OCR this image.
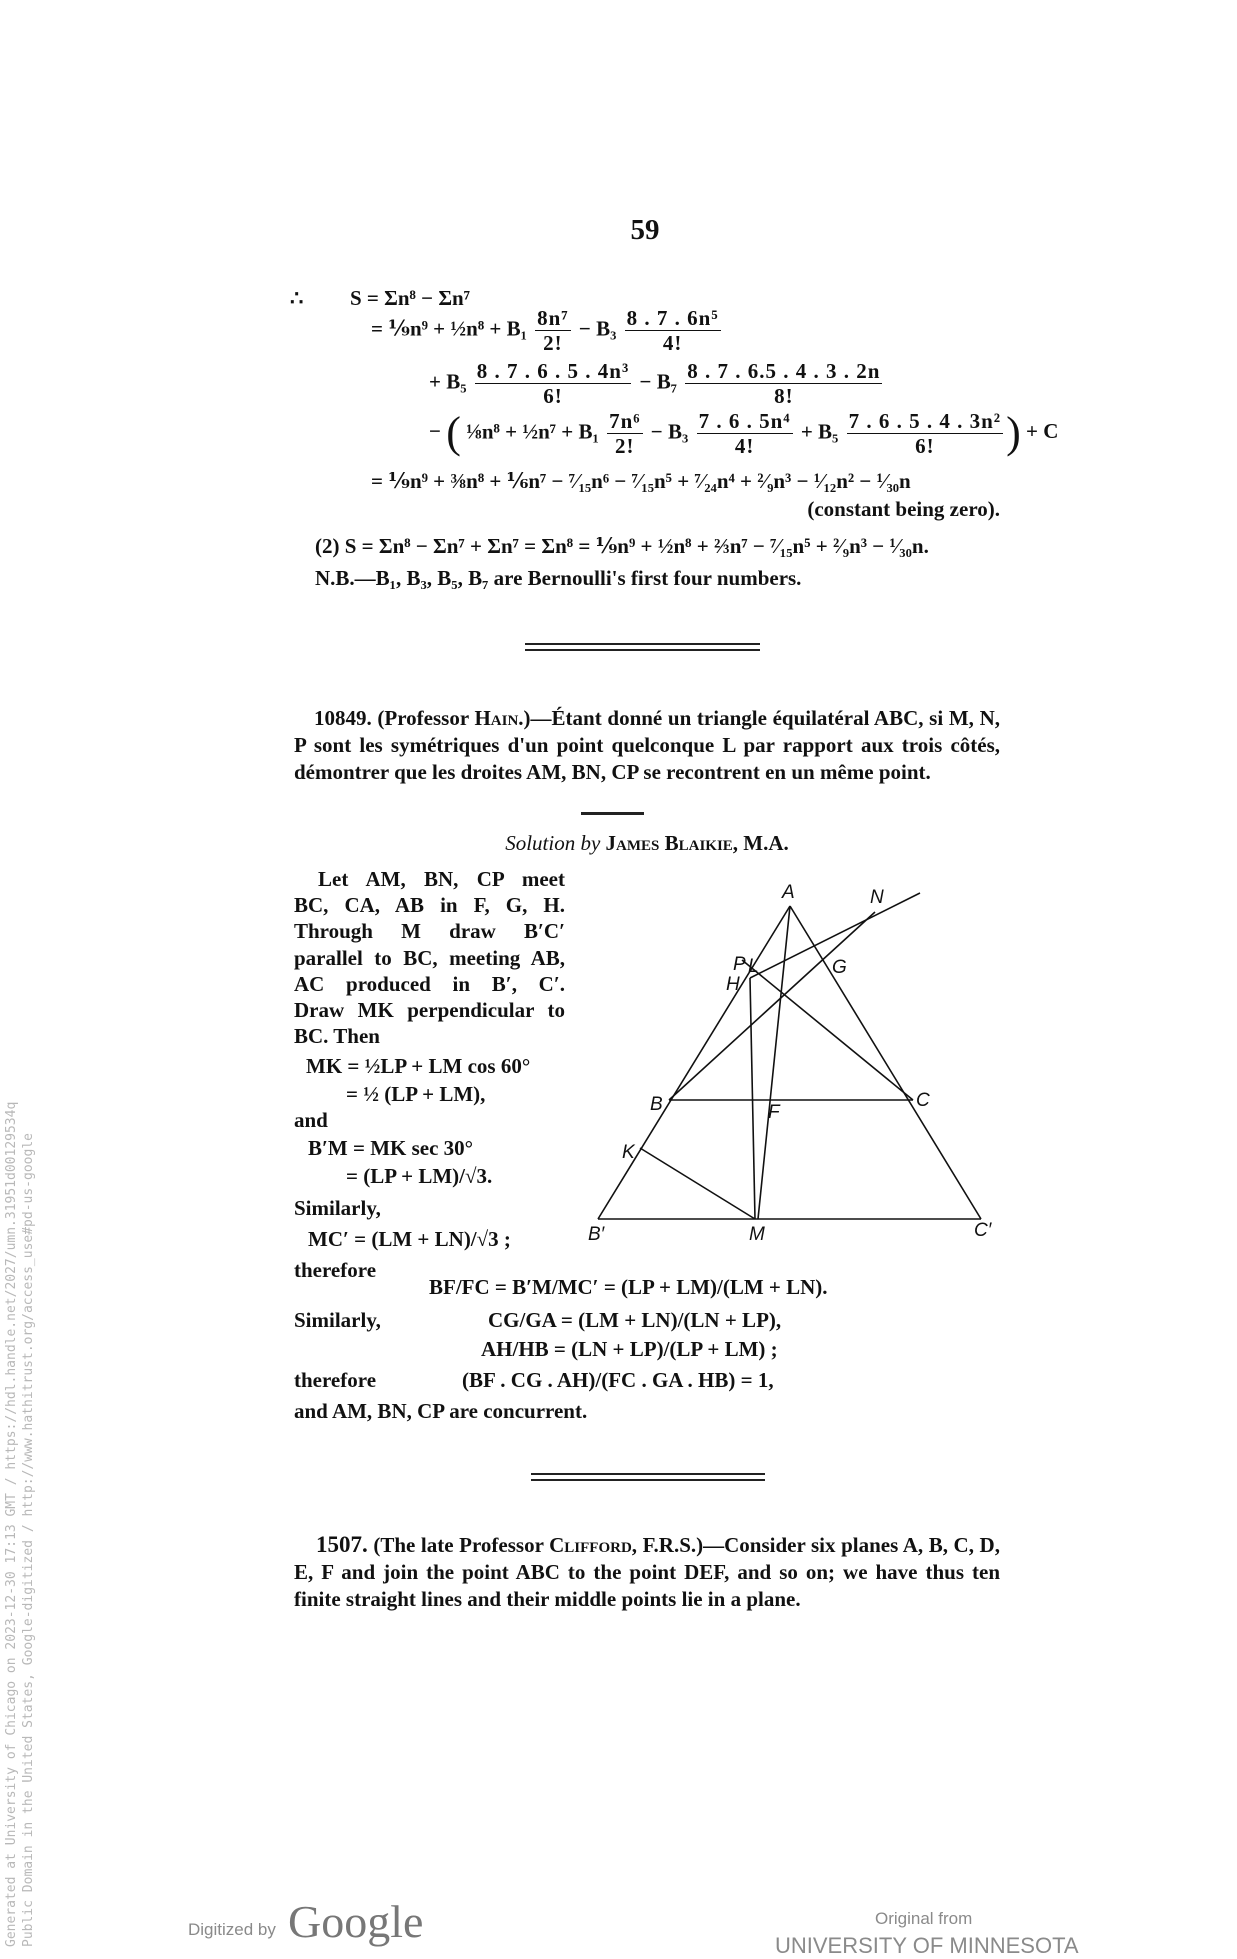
59
∴ S = Σn⁸ − Σn⁷
= ⅑n⁹ + ½n⁸ + $B_1 \frac{\text{8n⁷}}{2!} - B_3 \frac{\text{8 . 7 . 6n⁵}}{4!}$
+ $B_5 \frac{\text{8 . 7 . 6 . 5 . 4n³}}{6!} - B_7 \frac{8 . 7 . 6.5 . 4 . 3 . 2n}{8!}$
− ( ⅛n⁸ + ½n⁷ + $B_1 \frac{\text{7n⁶}}{2!} - B_3 \frac{\text{7 . 6 . 5n⁴}}{4!} + B_5 \frac{\text{7 . 6 . 5 . 4 . 3n²}}{6!}$ ) + C
= ⅑n⁹ + ⅜n⁸ + ⅙n⁷ − ⁷⁄₁₅n⁶ − ⁷⁄₁₅n⁵ + ⁷⁄₂₄n⁴ + ²⁄₉n³ − ¹⁄₁₂n² − ¹⁄₃₀n
(constant being zero).
(2) S = Σn⁸ − Σn⁷ + Σn⁷ = Σn⁸ = ⅑n⁹ + ½n⁸ + ⅔n⁷ − ⁷⁄₁₅n⁵ + ²⁄₉n³ − ¹⁄₃₀n.
N.B.—B₁, B₃, B₅, B₇ are Bernoulli's first four numbers.
10849. (Professor Hain.)—Étant donné un triangle équilatéral ABC, si M, N, P sont les symétriques d'un point quelconque L par rapport aux trois côtés, démontrer que les droites AM, BN, CP se recontrent en un même point.
Solution by James Blaikie, M.A.
Let AM, BN, CP meet
BC, CA, AB in F, G, H.
Through M draw B′C′
parallel to BC, meeting AB,
AC produced in B′, C′.
Draw MK perpendicular to
BC. Then
MK = ½LP + LM cos 60°
= ½ (LP + LM),
and
B′M = MK sec 30°
= (LP + LM)/√3.
Similarly,
MC′ = (LM + LN)/√3 ;
therefore
A	N
P L	G
H
B	C
F
K
B′	M	C′
BF/FC = B′M/MC′ = (LP + LM)/(LM + LN).
Similarly,	CG/GA = (LM + LN)/(LN + LP),
AH/HB = (LN + LP)/(LP + LM) ;
therefore	(BF . CG . AH)/(FC . GA . HB) = 1,
and AM, BN, CP are concurrent.
1507. (The late Professor Clifford, F.R.S.)—Consider six planes A, B, C, D, E, F and join the point ABC to the point DEF, and so on; we have thus ten finite straight lines and their middle points lie in a plane.
Generated at University of Chicago on 2023-12-30 17:13 GMT / https://hdl.handle.net/2027/umn.31951d00129534q Public Domain in the United States, Google-digitized / http://www.hathitrust.org/access_use#pd-us-google	Digitized by Google	Original from
UNIVERSITY OF MINNESOTA
